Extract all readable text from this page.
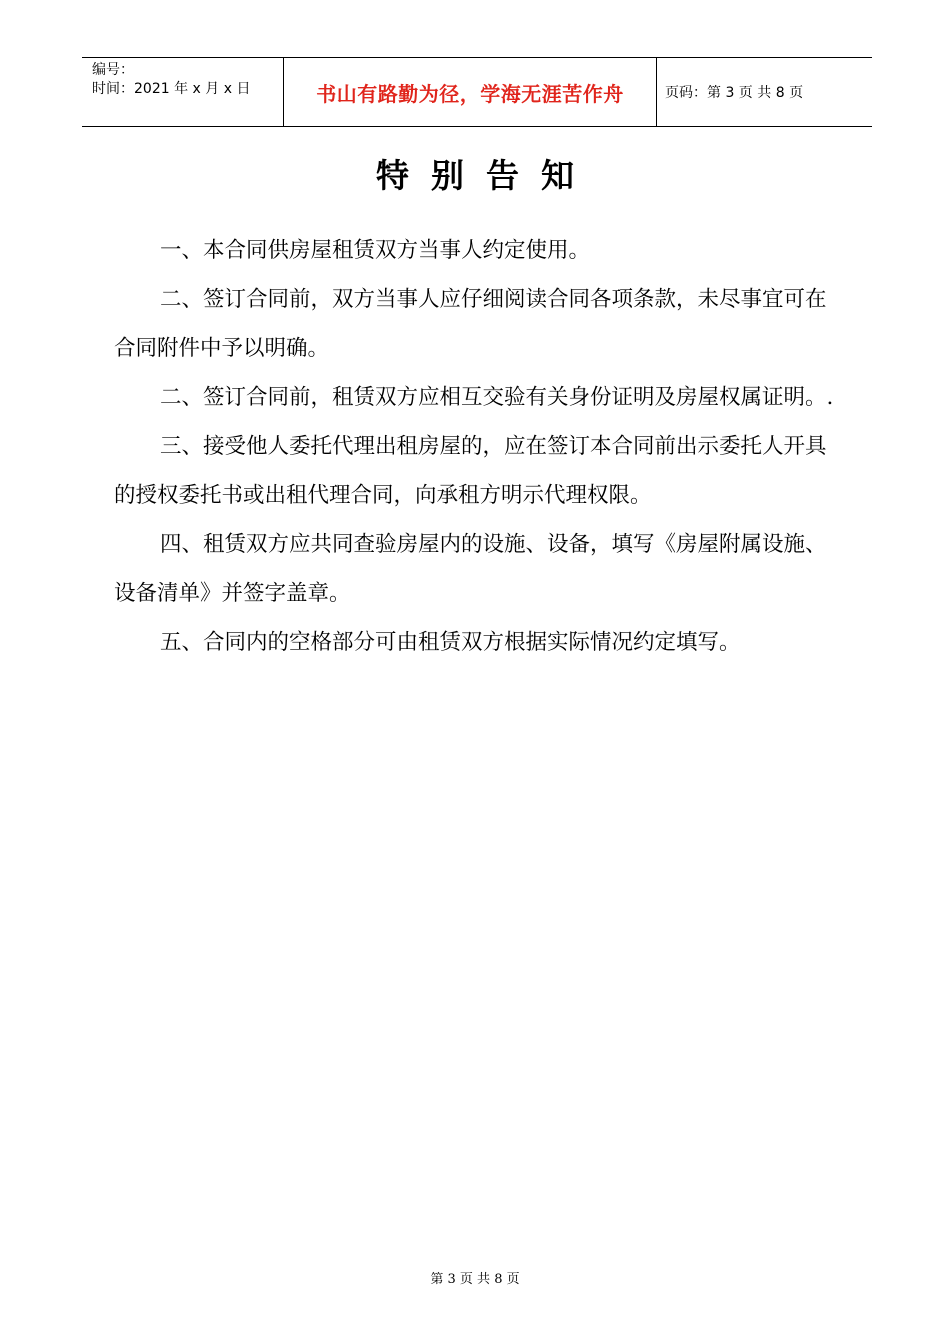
编号：
时间：2021 年 x 月 x 日	书山有路勤为径，学海无涯苦作舟	页码：第 3 页 共 8 页
特别告知

一、本合同供房屋租赁双方当事人约定使用。

二、签订合同前，双方当事人应仔细阅读合同各项条款，未尽事宜可在合同附件中予以明确。

二、签订合同前，租赁双方应相互交验有关身份证明及房屋权属证明。.

三、接受他人委托代理出租房屋的，应在签订本合同前出示委托人开具的授权委托书或出租代理合同，向承租方明示代理权限。

四、租赁双方应共同查验房屋内的设施、设备，填写《房屋附属设施、设备清单》并签字盖章。

五、合同内的空格部分可由租赁双方根据实际情况约定填写。

第 3 页 共 8 页
